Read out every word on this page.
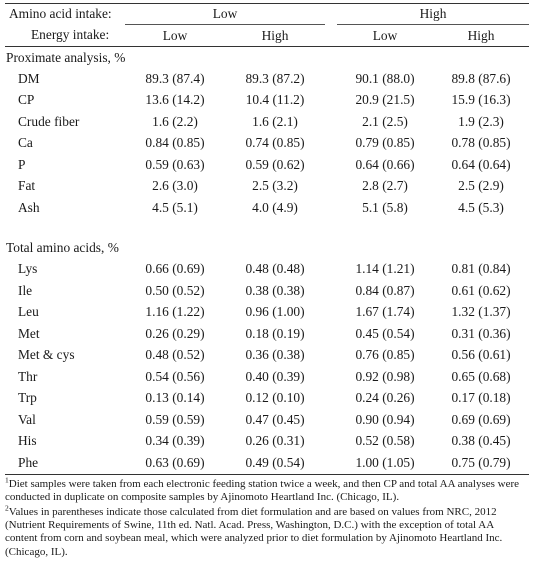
Amino acid intake:	Low			High	
Energy intake:	Low	High		Low	High
Proximate analysis, %					
DM	89.3 (87.4)	89.3 (87.2)		90.1 (88.0)	89.8 (87.6)
CP	13.6 (14.2)	10.4 (11.2)		20.9 (21.5)	15.9 (16.3)
Crude fiber	1.6 (2.2)	1.6 (2.1)		2.1 (2.5)	1.9 (2.3)
Ca	0.84 (0.85)	0.74 (0.85)		0.79 (0.85)	0.78 (0.85)
P	0.59 (0.63)	0.59 (0.62)		0.64 (0.66)	0.64 (0.64)
Fat	2.6 (3.0)	2.5 (3.2)		2.8 (2.7)	2.5 (2.9)
Ash	4.5 (5.1)	4.0 (4.9)		5.1 (5.8)	4.5 (5.3)

Total amino acids, %					
Lys	0.66 (0.69)	0.48 (0.48)		1.14 (1.21)	0.81 (0.84)
Ile	0.50 (0.52)	0.38 (0.38)		0.84 (0.87)	0.61 (0.62)
Leu	1.16 (1.22)	0.96 (1.00)		1.67 (1.74)	1.32 (1.37)
Met	0.26 (0.29)	0.18 (0.19)		0.45 (0.54)	0.31 (0.36)
Met & cys	0.48 (0.52)	0.36 (0.38)		0.76 (0.85)	0.56 (0.61)
Thr	0.54 (0.56)	0.40 (0.39)		0.92 (0.98)	0.65 (0.68)
Trp	0.13 (0.14)	0.12 (0.10)		0.24 (0.26)	0.17 (0.18)
Val	0.59 (0.59)	0.47 (0.45)		0.90 (0.94)	0.69 (0.69)
His	0.34 (0.39)	0.26 (0.31)		0.52 (0.58)	0.38 (0.45)
Phe	0.63 (0.69)	0.49 (0.54)		1.00 (1.05)	0.75 (0.79)

$^1$Diet samples were taken from each electronic feeding station twice a week, and then CP and total AA analyses were conducted in duplicate on composite samples by Ajinomoto Heartland Inc. (Chicago, IL).

$^2$Values in parentheses indicate those calculated from diet formulation and are based on values from NRC, 2012 (Nutrient Requirements of Swine, 11th ed. Natl. Acad. Press, Washington, D.C.) with the exception of total AA content from corn and soybean meal, which were analyzed prior to diet formulation by Ajinomoto Heartland Inc. (Chicago, IL).
